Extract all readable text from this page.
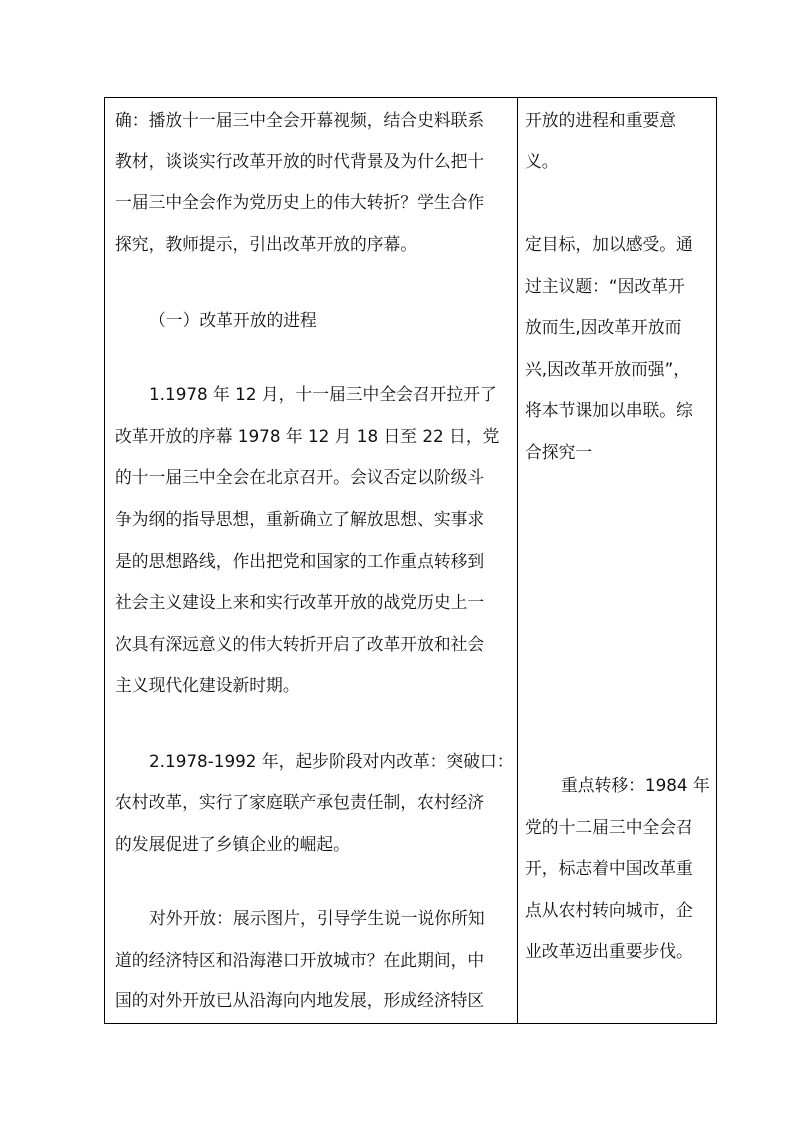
确：播放十一届三中全会开幕视频，结合史料联系

教材，谈谈实行改革开放的时代背景及为什么把十

一届三中全会作为党历史上的伟大转折？学生合作

探究，教师提示，引出改革开放的序幕。

（一）改革开放的进程

1.1978 年 12 月，十一届三中全会召开拉开了

改革开放的序幕 1978 年 12 月 18 日至 22 日，党

的十一届三中全会在北京召开。会议否定以阶级斗

争为纲的指导思想，重新确立了解放思想、实事求

是的思想路线，作出把党和国家的工作重点转移到

社会主义建设上来和实行改革开放的战党历史上一

次具有深远意义的伟大转折开启了改革开放和社会

主义现代化建设新时期。

2.1978-1992 年，起步阶段对内改革：突破口：

农村改革，实行了家庭联产承包责任制，农村经济

的发展促进了乡镇企业的崛起。

对外开放：展示图片，引导学生说一说你所知

道的经济特区和沿海港口开放城市？在此期间，中

国的对外开放已从沿海向内地发展，形成经济特区

开放的进程和重要意

义。

定目标，加以感受。通

过主议题：“因改革开

放而生,因改革开放而

兴,因改革开放而强”，

将本节课加以串联。综

合探究一

重点转移：1984 年

党的十二届三中全会召

开，标志着中国改革重

点从农村转向城市，企

业改革迈出重要步伐。
